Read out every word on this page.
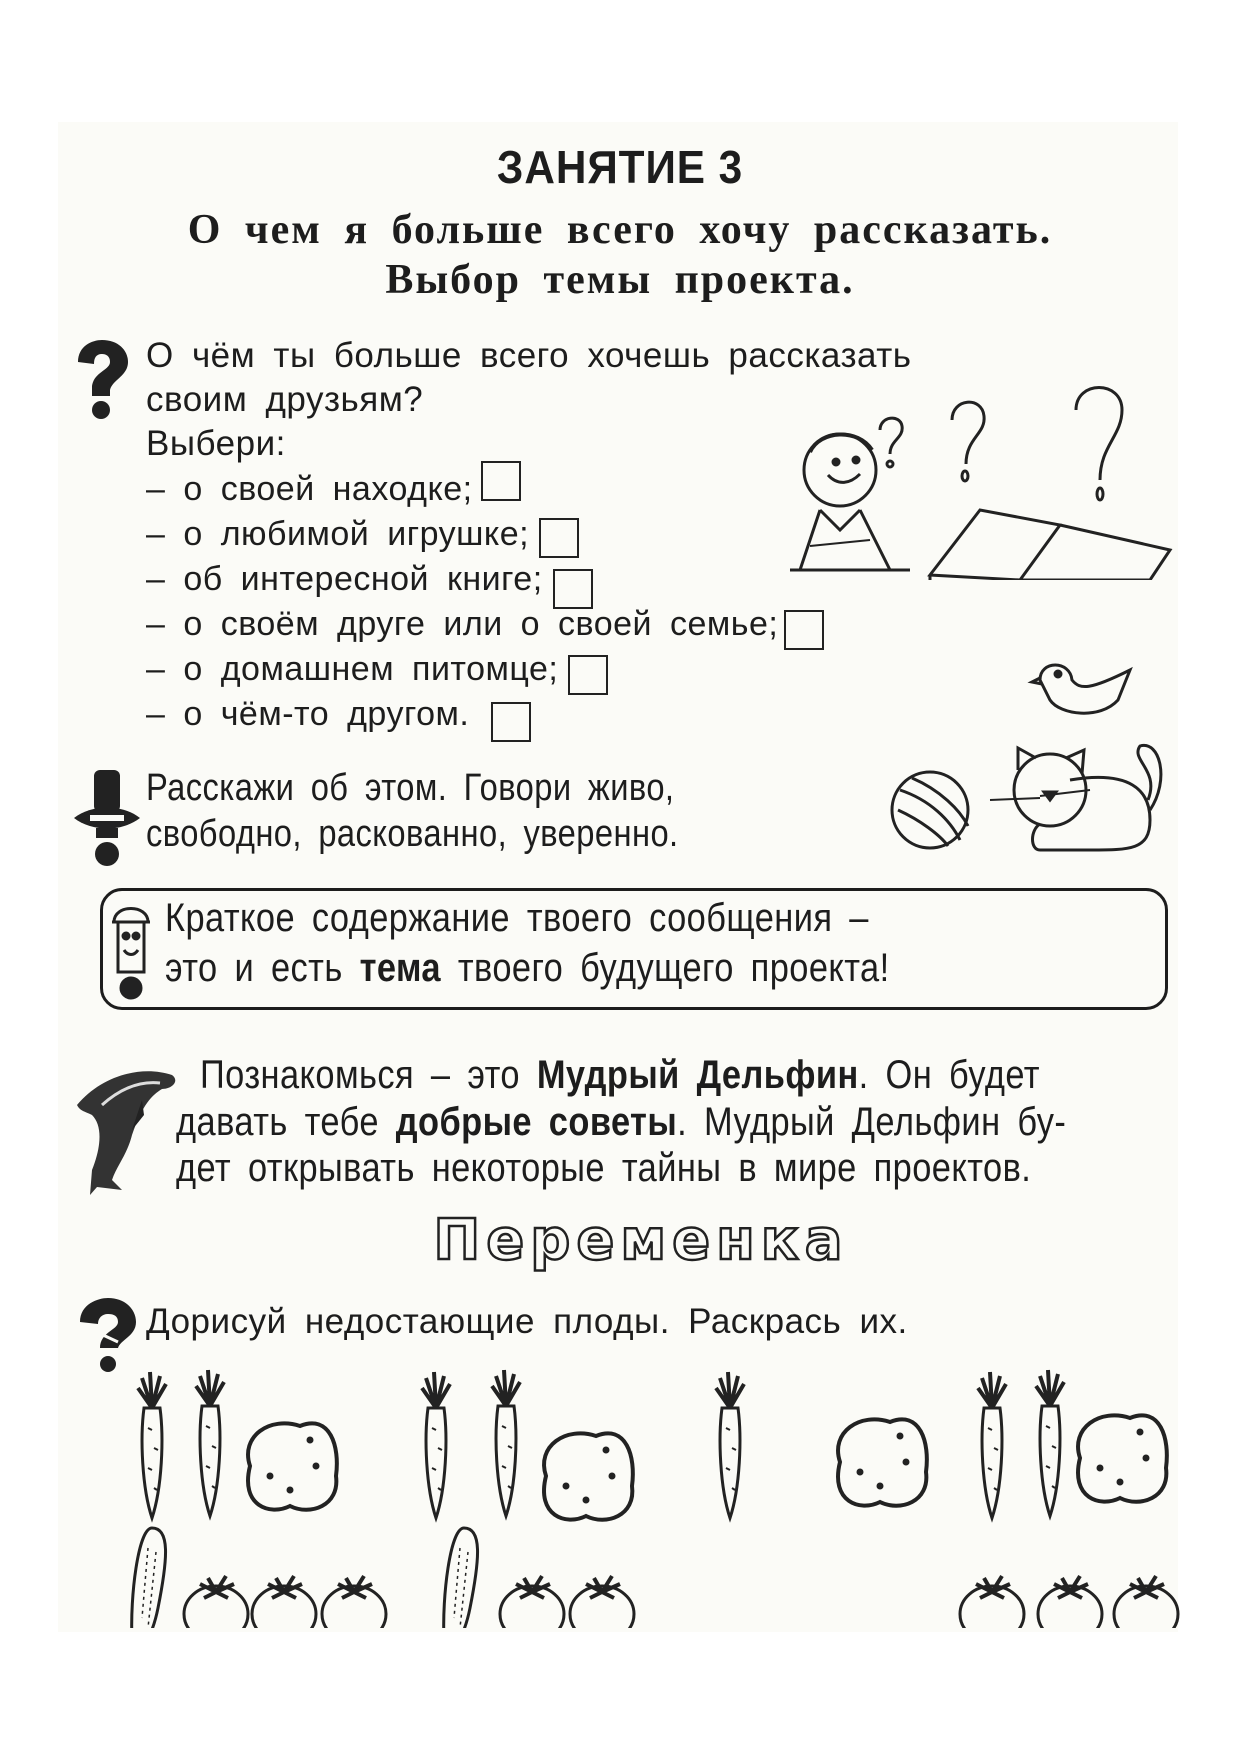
ЗАНЯТИЕ 3
О чем я больше всего хочу рассказать.
Выбор темы проекта.
О чём ты больше всего хочешь рассказать
своим друзьям?
Выбери:
– о своей находке;
– о любимой игрушке;
– об интересной книге;
– о своём друге или о своей семье;
– о домашнем питомце;
– о чём-то другом.
Расскажи об этом. Говори живо,
свободно, раскованно, уверенно.
Краткое содержание твоего сообщения –
это и есть тема твоего будущего проекта!
Познакомься – это Мудрый Дельфин. Он будет
давать тебе добрые советы. Мудрый Дельфин бу-
дет открывать некоторые тайны в мире проектов.
Переменка
Дорисуй недостающие плоды. Раскрась их.
